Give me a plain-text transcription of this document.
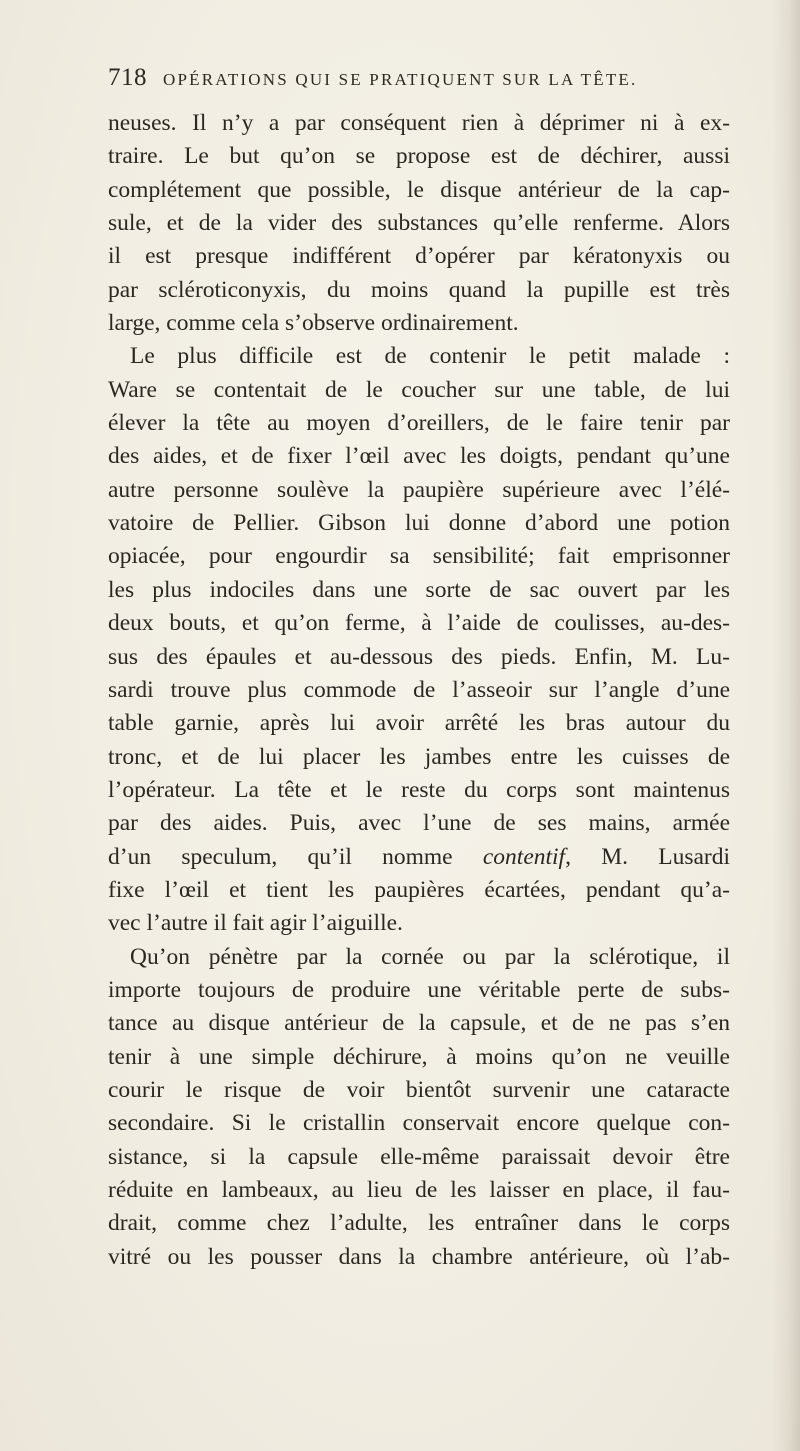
718 OPÉRATIONS QUI SE PRATIQUENT SUR LA TÊTE.
neuses. Il n’y a par conséquent rien à déprimer ni à ex-
traire. Le but qu’on se propose est de déchirer, aussi
complétement que possible, le disque antérieur de la cap-
sule, et de la vider des substances qu’elle renferme. Alors
il est presque indifférent d’opérer par kératonyxis ou
par scléroticonyxis, du moins quand la pupille est très
large, comme cela s’observe ordinairement.
Le plus difficile est de contenir le petit malade :
Ware se contentait de le coucher sur une table, de lui
élever la tête au moyen d’oreillers, de le faire tenir par
des aides, et de fixer l’œil avec les doigts, pendant qu’une
autre personne soulève la paupière supérieure avec l’élé-
vatoire de Pellier. Gibson lui donne d’abord une potion
opiacée, pour engourdir sa sensibilité; fait emprisonner
les plus indociles dans une sorte de sac ouvert par les
deux bouts, et qu’on ferme, à l’aide de coulisses, au-des-
sus des épaules et au-dessous des pieds. Enfin, M. Lu-
sardi trouve plus commode de l’asseoir sur l’angle d’une
table garnie, après lui avoir arrêté les bras autour du
tronc, et de lui placer les jambes entre les cuisses de
l’opérateur. La tête et le reste du corps sont maintenus
par des aides. Puis, avec l’une de ses mains, armée
d’un speculum, qu’il nomme contentif, M. Lusardi
fixe l’œil et tient les paupières écartées, pendant qu’a-
vec l’autre il fait agir l’aiguille.
Qu’on pénètre par la cornée ou par la sclérotique, il
importe toujours de produire une véritable perte de subs-
tance au disque antérieur de la capsule, et de ne pas s’en
tenir à une simple déchirure, à moins qu’on ne veuille
courir le risque de voir bientôt survenir une cataracte
secondaire. Si le cristallin conservait encore quelque con-
sistance, si la capsule elle-même paraissait devoir être
réduite en lambeaux, au lieu de les laisser en place, il fau-
drait, comme chez l’adulte, les entraîner dans le corps
vitré ou les pousser dans la chambre antérieure, où l’ab-
